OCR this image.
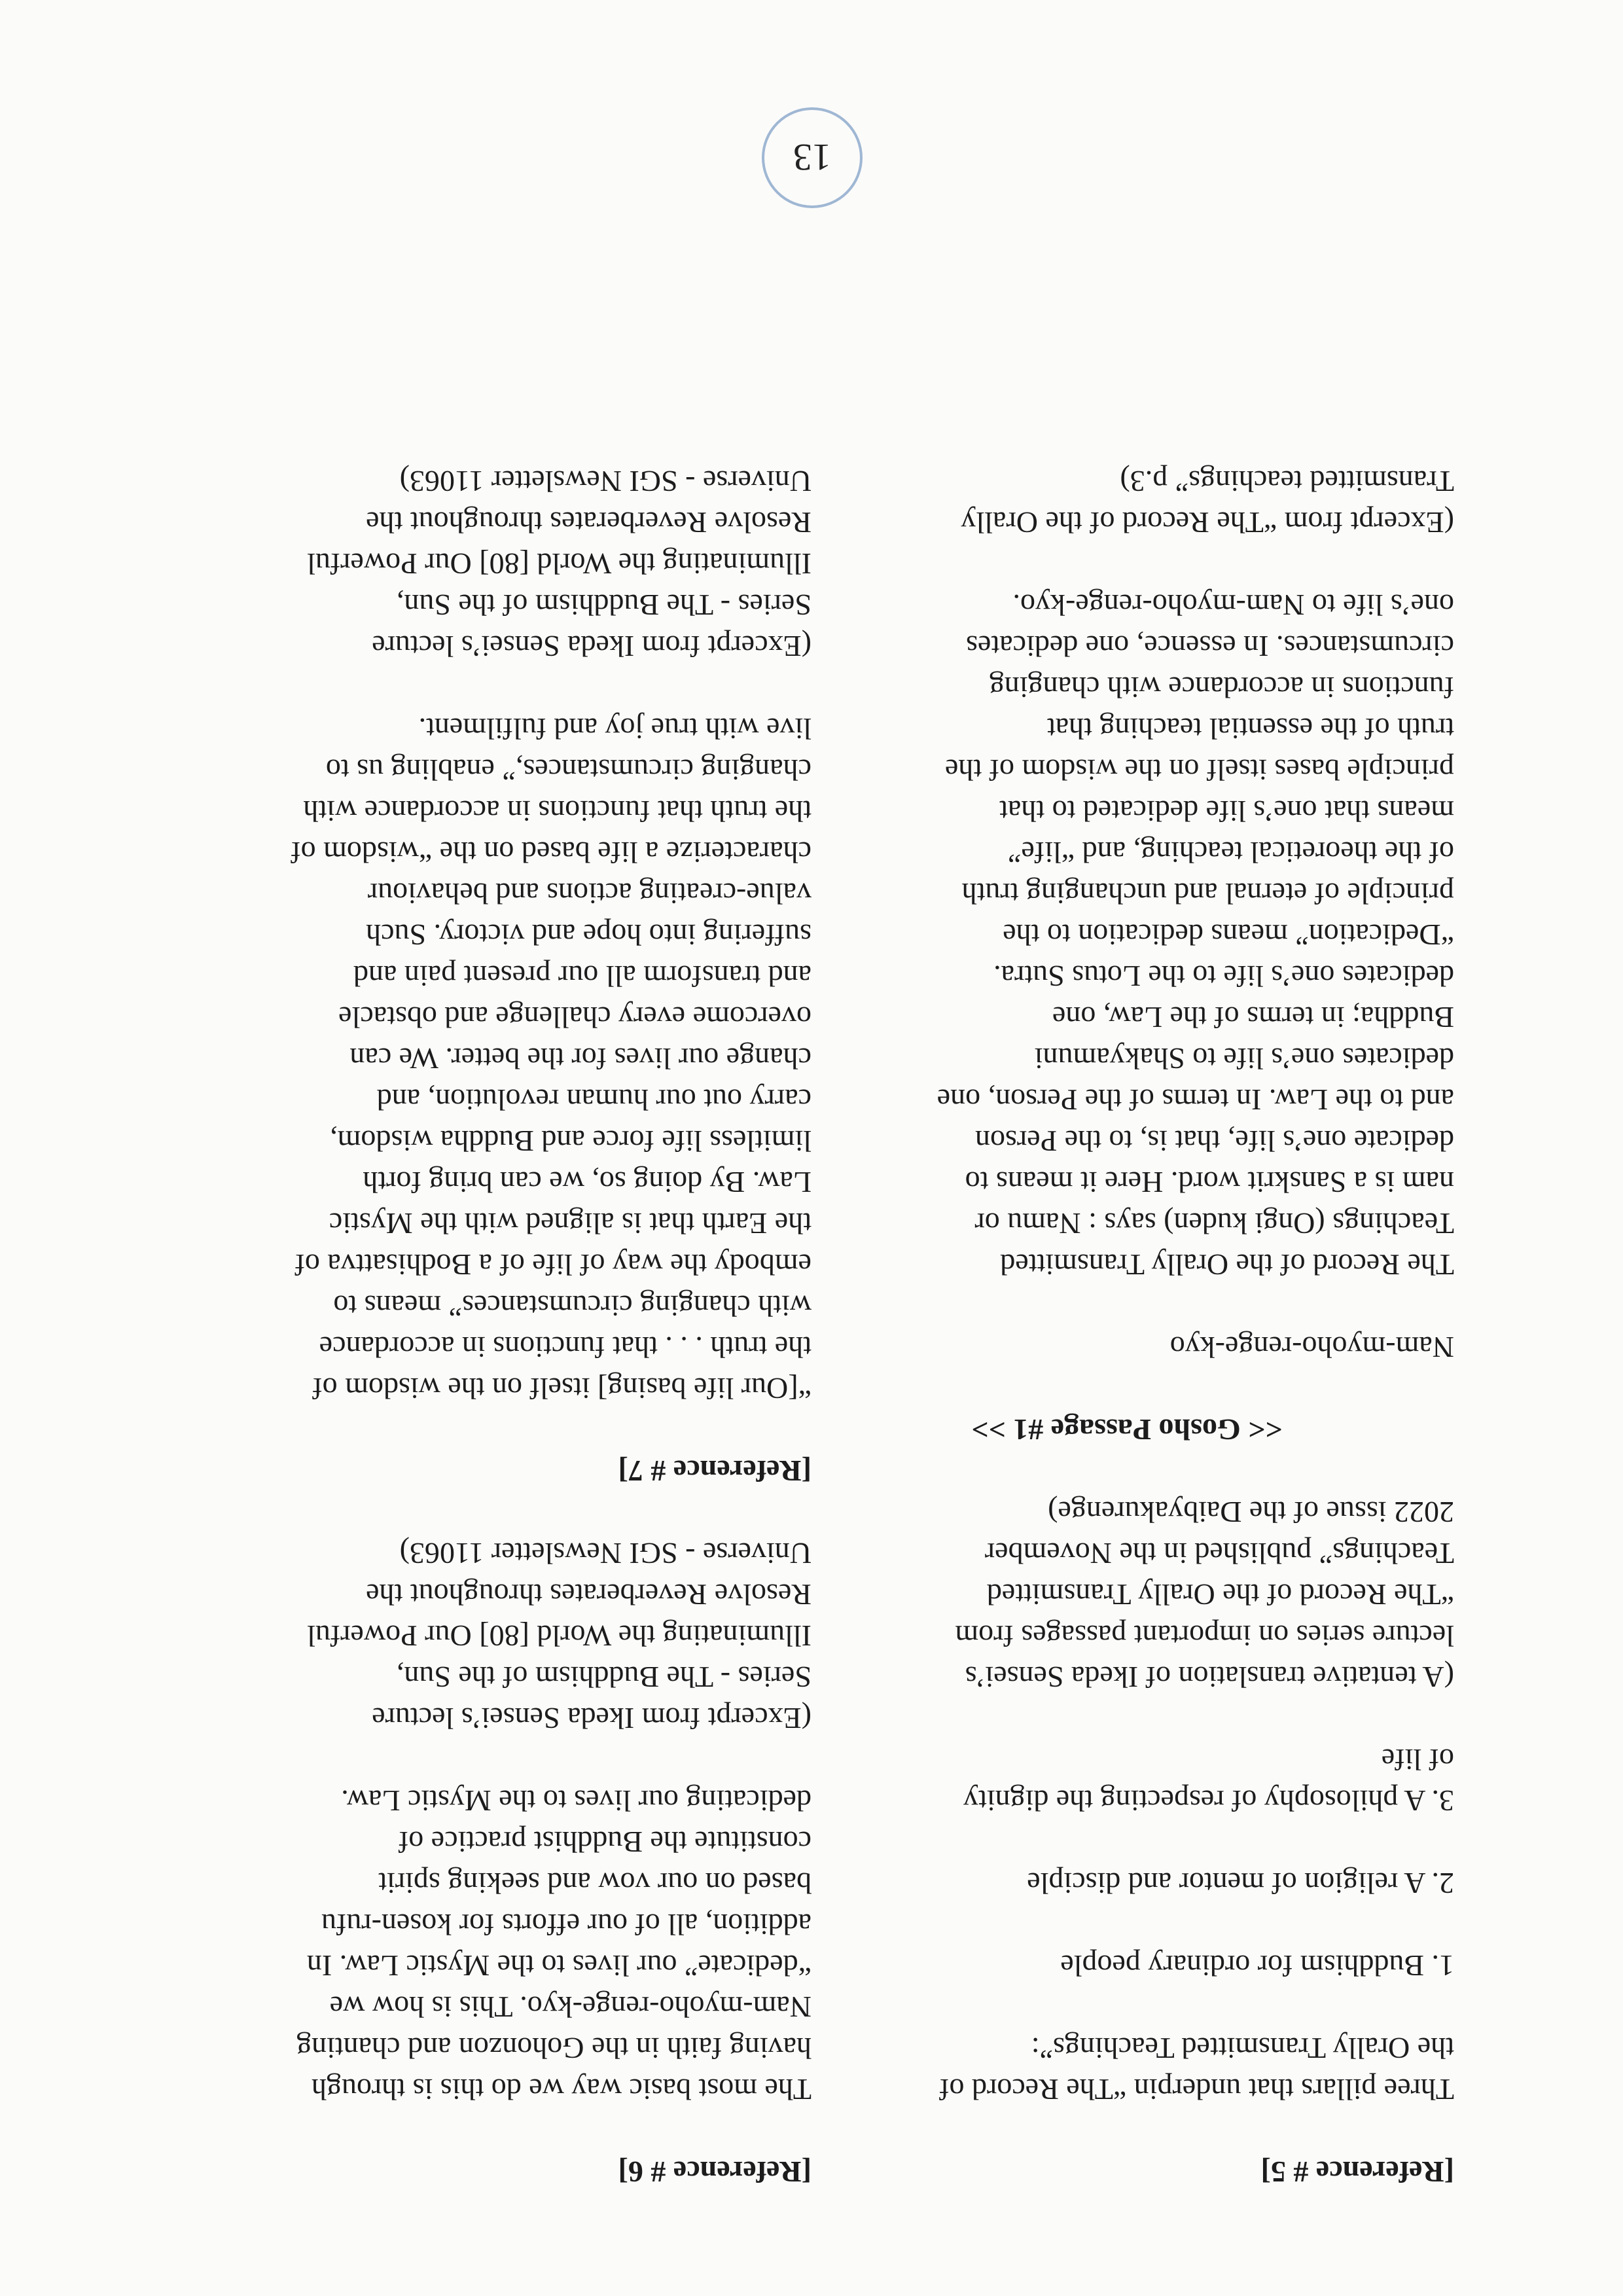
13

[Reference # 5]

Three pillars that underpin “The Record of
the Orally Transmitted Teachings”:

1. Buddhism for ordinary people

2. A religion of mentor and disciple

3. A philosophy of respecting the dignity
of life

(A tentative translation of Ikeda Sensei’s
lecture series on important passages from
“The Record of the Orally Transmitted
Teachings” published in the November
2022 issue of the Daibyakurenge)

<< Gosho Passage #1 >>

Nam-myoho-renge-kyo

The Record of the Orally Transmitted
Teachings (Ongi kuden) says : Namu or
nam is a Sanskrit word. Here it means to
dedicate one’s life, that is, to the Person
and to the Law. In terms of the Person, one
dedicates one’s life to Shakyamuni
Buddha; in terms of the Law, one
dedicates one’s life to the Lotus Sutra.
“Dedication” means dedication to the
principle of eternal and unchanging truth
of the theoretical teaching, and “life”
means that one’s life dedicated to that
principle bases itself on the wisdom of the
truth of the essential teaching that
functions in accordance with changing
circumstances. In essence, one dedicates
one’s life to Nam-myoho-renge-kyo.

(Excerpt from “The Record of the Orally
Transmitted teachings” p.3)

[Reference # 6]

The most basic way we do this is through
having faith in the Gohonzon and chanting
Nam-myoho-renge-kyo. This is how we
“dedicate” our lives to the Mystic Law. In
addition, all of our efforts for kosen-rufu
based on our vow and seeking spirit
constitute the Buddhist practice of
dedicating our lives to the Mystic Law.

(Excerpt from Ikeda Sensei’s lecture
Series - The Buddhism of the Sun,
Illuminating the World [80] Our Powerful
Resolve Reverberates throughout the
Universe - SGI Newsletter 11063)

[Reference # 7]

“[Our life basing] itself on the wisdom of
the truth . . . that functions in accordance
with changing circumstances” means to
embody the way of life of a Bodhisattva of
the Earth that is aligned with the Mystic
Law. By doing so, we can bring forth
limitless life force and Buddha wisdom,
carry out our human revolution, and
change our lives for the better. We can
overcome every challenge and obstacle
and transform all our present pain and
suffering into hope and victory. Such
value-creating actions and behaviour
characterize a life based on the “wisdom of
the truth that functions in accordance with
changing circumstances,” enabling us to
live with true joy and fulfilment.

(Excerpt from Ikeda Sensei’s lecture
Series - The Buddhism of the Sun,
Illuminating the World [80] Our Powerful
Resolve Reverberates throughout the
Universe - SGI Newsletter 11063)
